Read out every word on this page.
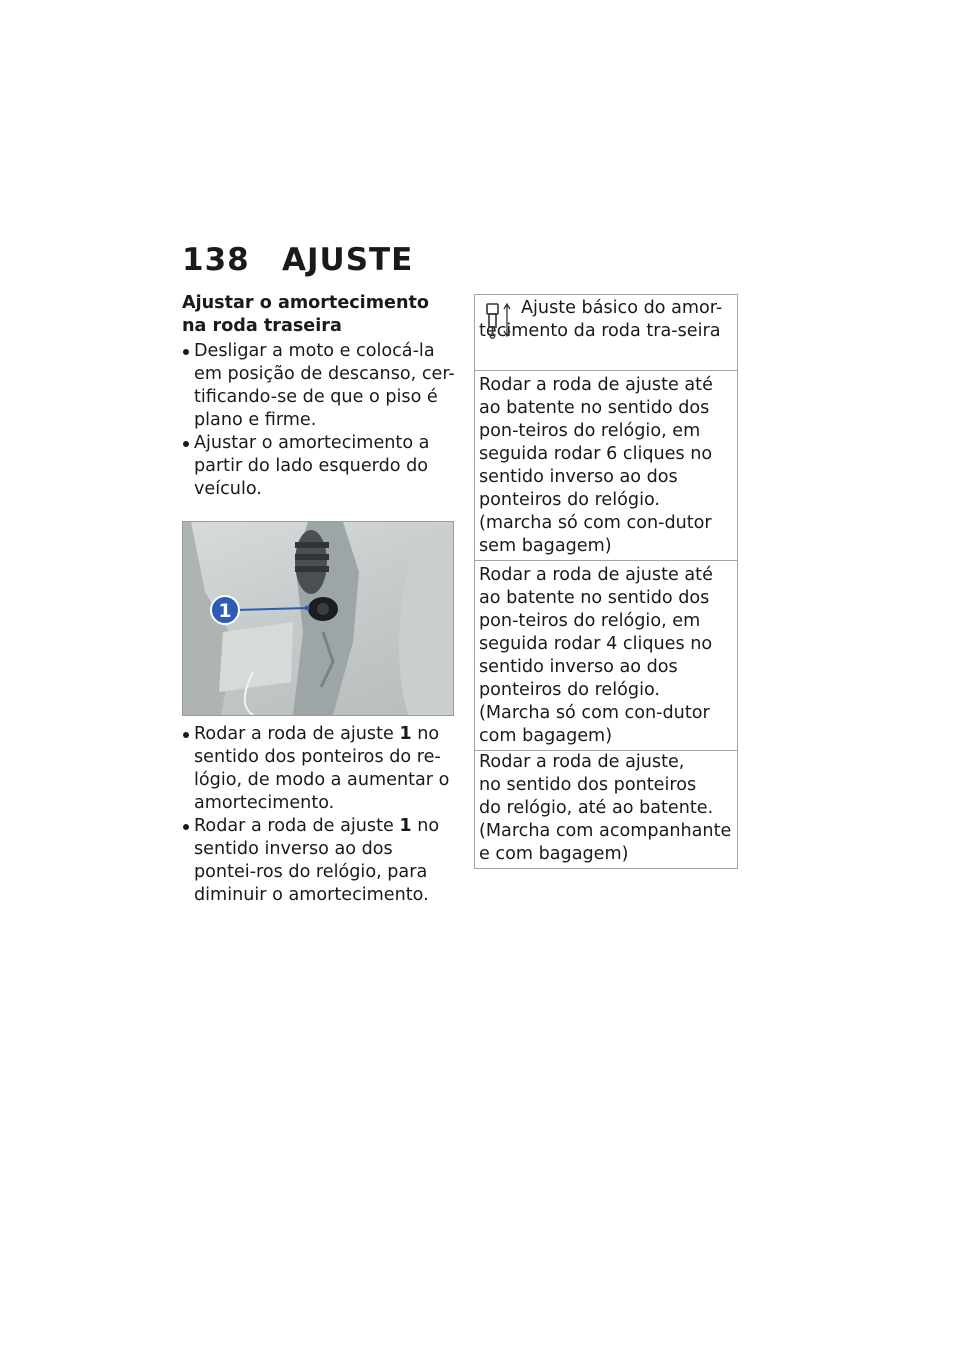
138 AJUSTE
Ajustar o amortecimento na roda traseira
Desligar a moto e colocá-la em posição de descanso, cer-tificando-se de que o piso é plano e firme.
Ajustar o amortecimento a partir do lado esquerdo do veículo.
1
Rodar a roda de ajuste 1 no sentido dos ponteiros do re-lógio, de modo a aumentar o amortecimento.
Rodar a roda de ajuste 1 no sentido inverso ao dos pontei-ros do relógio, para diminuir o amortecimento.
Ajuste básico do amor-tecimento da roda tra-seira
Rodar a roda de ajuste até ao batente no sentido dos pon-teiros do relógio, em seguida rodar 6 cliques no sentido inverso ao dos ponteiros do relógio. (marcha só com con-dutor sem bagagem)
Rodar a roda de ajuste até ao batente no sentido dos pon-teiros do relógio, em seguida rodar 4 cliques no sentido inverso ao dos ponteiros do relógio. (Marcha só com con-dutor com bagagem)
Rodar a roda de ajuste,
no sentido dos ponteiros
do relógio, até ao batente.
(Marcha com acompanhante
e com bagagem)
